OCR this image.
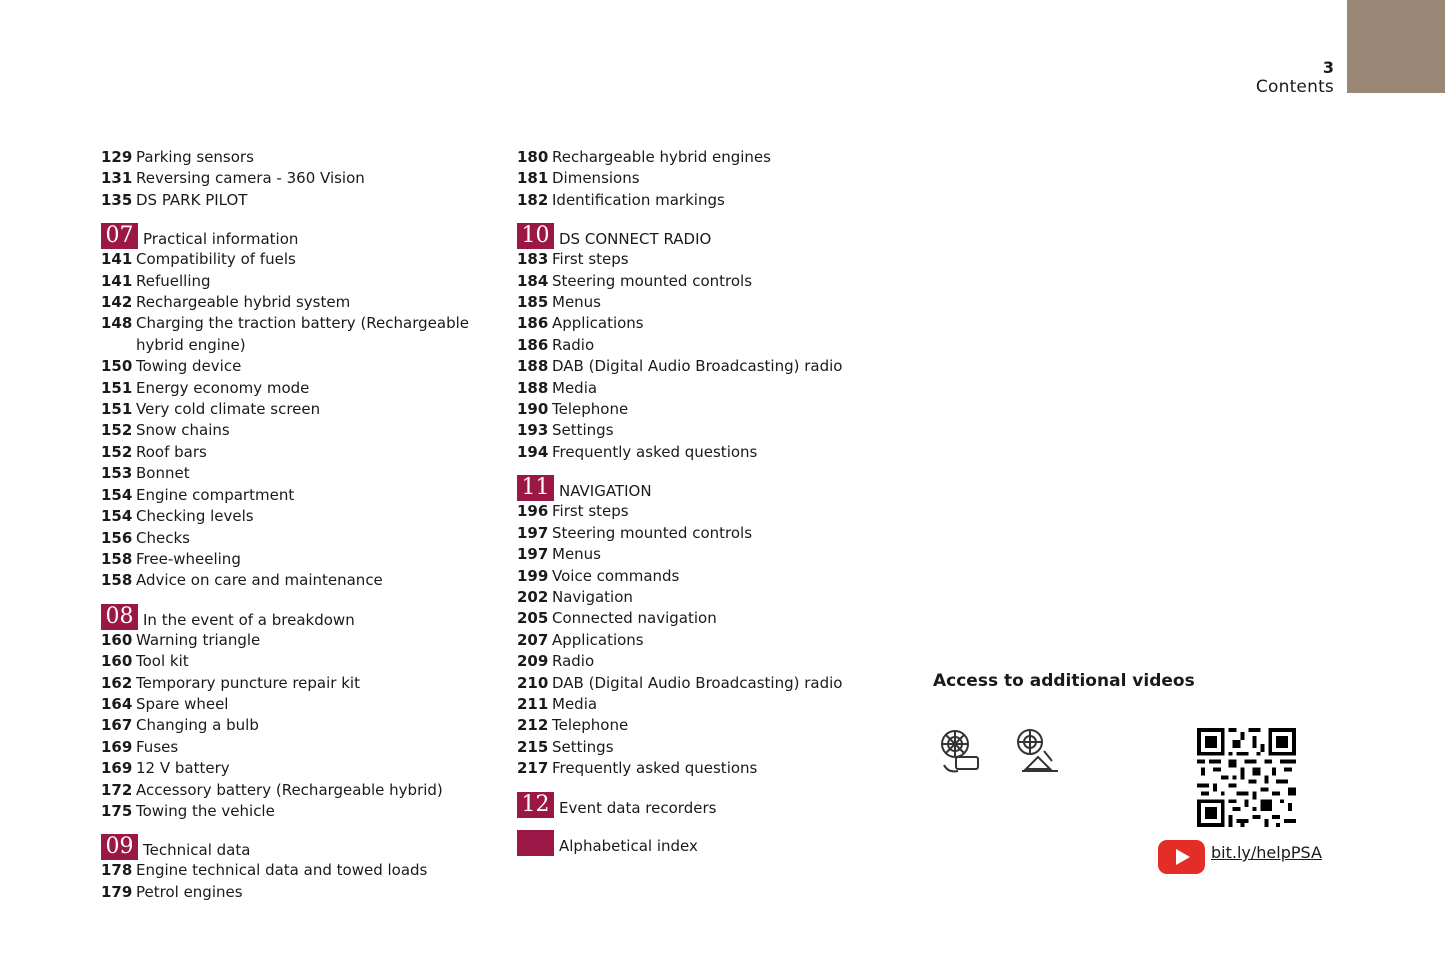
3
Contents
129 Parking sensors
131 Reversing camera - 360 Vision
135 DS PARK PILOT
07 Practical information
141 Compatibility of fuels
141 Refuelling
142 Rechargeable hybrid system
148 Charging the traction battery (Rechargeable hybrid engine)
150 Towing device
151 Energy economy mode
151 Very cold climate screen
152 Snow chains
152 Roof bars
153 Bonnet
154 Engine compartment
154 Checking levels
156 Checks
158 Free-wheeling
158 Advice on care and maintenance
08 In the event of a breakdown
160 Warning triangle
160 Tool kit
162 Temporary puncture repair kit
164 Spare wheel
167 Changing a bulb
169 Fuses
169 12 V battery
172 Accessory battery (Rechargeable hybrid)
175 Towing the vehicle
09 Technical data
178 Engine technical data and towed loads
179 Petrol engines
180 Rechargeable hybrid engines
181 Dimensions
182 Identification markings
10 DS CONNECT RADIO
183 First steps
184 Steering mounted controls
185 Menus
186 Applications
186 Radio
188 DAB (Digital Audio Broadcasting) radio
188 Media
190 Telephone
193 Settings
194 Frequently asked questions
11 NAVIGATION
196 First steps
197 Steering mounted controls
197 Menus
199 Voice commands
202 Navigation
205 Connected navigation
207 Applications
209 Radio
210 DAB (Digital Audio Broadcasting) radio
211 Media
212 Telephone
215 Settings
217 Frequently asked questions
12 Event data recorders
Alphabetical index
Access to additional videos
bit.ly/helpPSA
